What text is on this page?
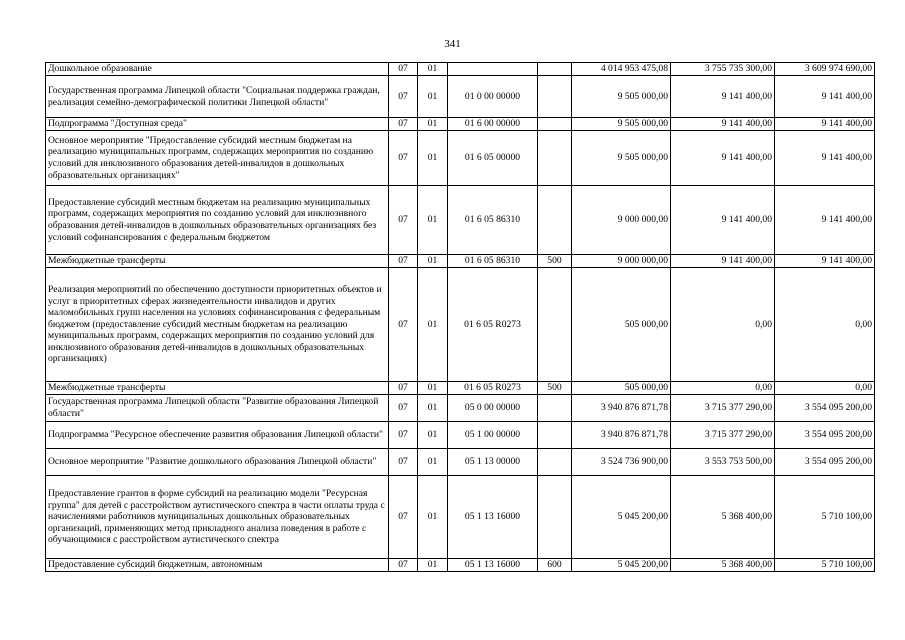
341
Дошкольное образование	07	01			4 014 953 475,08	3 755 735 300,00	3 609 974 690,00
Государственная программа Липецкой области "Социальная поддержка граждан, реализация семейно-демографической политики Липецкой области"	07	01	01 0 00 00000		9 505 000,00	9 141 400,00	9 141 400,00
Подпрограмма "Доступная среда"	07	01	01 6 00 00000		9 505 000,00	9 141 400,00	9 141 400,00
Основное мероприятие "Предоставление субсидий местным бюджетам на реализацию муниципальных программ, содержащих мероприятия по созданию условий для инклюзивного образования детей-инвалидов в дошкольных образовательных организациях"	07	01	01 6 05 00000		9 505 000,00	9 141 400,00	9 141 400,00
Предоставление субсидий местным бюджетам на реализацию муниципальных программ, содержащих мероприятия по созданию условий для инклюзивного образования детей-инвалидов в дошкольных образовательных организациях без условий софинансирования с федеральным бюджетом	07	01	01 6 05 86310		9 000 000,00	9 141 400,00	9 141 400,00
Межбюджетные трансферты	07	01	01 6 05 86310	500	9 000 000,00	9 141 400,00	9 141 400,00
Реализация мероприятий по обеспечению доступности приоритетных объектов и услуг в приоритетных сферах жизнедеятельности инвалидов и других маломобильных групп населения на условиях софинансирования с федеральным бюджетом (предоставление субсидий местным бюджетам на реализацию муниципальных программ, содержащих мероприятия по созданию условий для инклюзивного образования детей-инвалидов в дошкольных образовательных организациях)	07	01	01 6 05 R0273		505 000,00	0,00	0,00
Межбюджетные трансферты	07	01	01 6 05 R0273	500	505 000,00	0,00	0,00
Государственная программа Липецкой области "Развитие образования Липецкой области"	07	01	05 0 00 00000		3 940 876 871,78	3 715 377 290,00	3 554 095 200,00
Подпрограмма "Ресурсное обеспечение развития образования Липецкой области"	07	01	05 1 00 00000		3 940 876 871,78	3 715 377 290,00	3 554 095 200,00
Основное мероприятие "Развитие дошкольного образования Липецкой области"	07	01	05 1 13 00000		3 524 736 900,00	3 553 753 500,00	3 554 095 200,00
Предоставление грантов в форме субсидий на реализацию модели "Ресурсная группа" для детей с расстройством аутистического спектра в части оплаты труда с начислениями работников муниципальных дошкольных образовательных организаций, применяющих метод прикладного анализа поведения в работе с обучающимися с расстройством аутистического спектра	07	01	05 1 13 16000		5 045 200,00	5 368 400,00	5 710 100,00
Предоставление субсидий бюджетным, автономным	07	01	05 1 13 16000	600	5 045 200,00	5 368 400,00	5 710 100,00
